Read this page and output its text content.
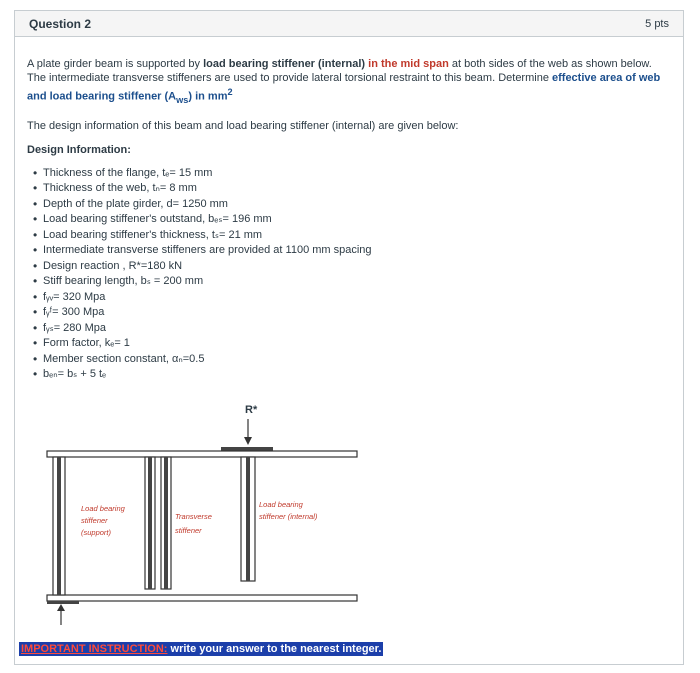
Question 2	5 pts

A plate girder beam is supported by load bearing stiffener (internal) in the mid span at both sides of the web as shown below. The intermediate transverse stiffeners are used to provide lateral torsional restraint to this beam. Determine effective area of web and load bearing stiffener $(A_{ws})$ in $mm^2$

The design information of this beam and load bearing stiffener (internal) are given below:

Design Information:
• Thickness of the flange, tₑ= 15 mm
• Thickness of the web, tₙ= 8 mm
• Depth of the plate girder, d= 1250 mm
• Load bearing stiffener's outstand, bₑₛ= 196 mm
• Load bearing stiffener's thickness, tₛ= 21 mm
• Intermediate transverse stiffeners are provided at 1100 mm spacing
• Design reaction , R*=180 kN
• Stiff bearing length, bₛ = 200 mm
• fᵧᵥ= 320 Mpa
• fᵧᶠ= 300 Mpa
• fᵧₛ= 280 Mpa
• Form factor, kₑ= 1
• Member section constant, αₙ=0.5
• bₑₙ= bₛ + 5 tₑ
R*
Load bearing stiffener (support)
Transverse stiffener
Load bearing stiffener (internal)
IMPORTANT INSTRUCTION: write your answer to the nearest integer.
